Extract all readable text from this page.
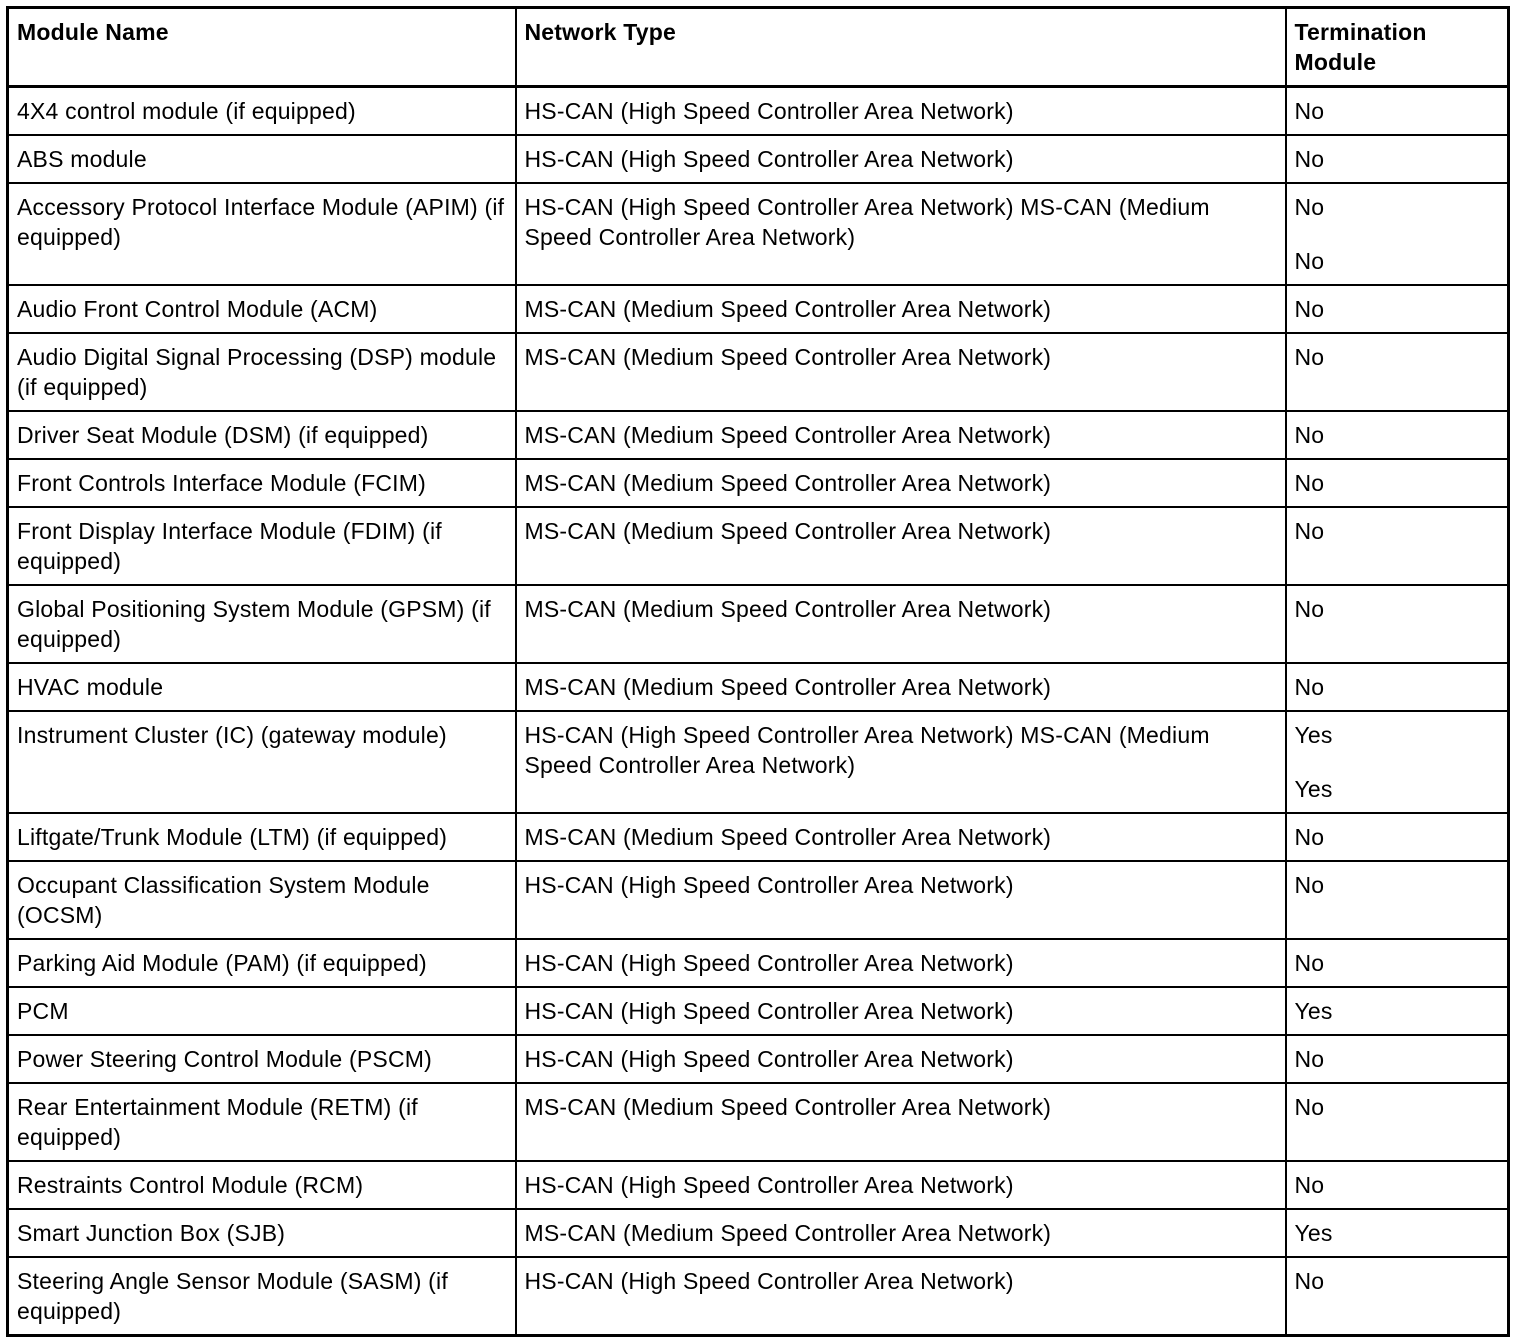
Module Name	Network Type	Termination Module
4X4 control module (if equipped)	HS-CAN (High Speed Controller Area Network)	No

ABS module	HS-CAN (High Speed Controller Area Network)	No

Accessory Protocol Interface Module (APIM) (if equipped)	HS-CAN (High Speed Controller Area Network) MS-CAN (Medium Speed Controller Area Network)	No
No

Audio Front Control Module (ACM)	MS-CAN (Medium Speed Controller Area Network)	No

Audio Digital Signal Processing (DSP) module (if equipped)	MS-CAN (Medium Speed Controller Area Network)	No

Driver Seat Module (DSM) (if equipped)	MS-CAN (Medium Speed Controller Area Network)	No

Front Controls Interface Module (FCIM)	MS-CAN (Medium Speed Controller Area Network)	No

Front Display Interface Module (FDIM) (if equipped)	MS-CAN (Medium Speed Controller Area Network)	No

Global Positioning System Module (GPSM) (if equipped)	MS-CAN (Medium Speed Controller Area Network)	No

HVAC module	MS-CAN (Medium Speed Controller Area Network)	No

Instrument Cluster (IC) (gateway module)	HS-CAN (High Speed Controller Area Network) MS-CAN (Medium Speed Controller Area Network)	Yes
Yes

Liftgate/Trunk Module (LTM) (if equipped)	MS-CAN (Medium Speed Controller Area Network)	No

Occupant Classification System Module (OCSM)	HS-CAN (High Speed Controller Area Network)	No

Parking Aid Module (PAM) (if equipped)	HS-CAN (High Speed Controller Area Network)	No

PCM	HS-CAN (High Speed Controller Area Network)	Yes

Power Steering Control Module (PSCM)	HS-CAN (High Speed Controller Area Network)	No

Rear Entertainment Module (RETM) (if equipped)	MS-CAN (Medium Speed Controller Area Network)	No

Restraints Control Module (RCM)	HS-CAN (High Speed Controller Area Network)	No

Smart Junction Box (SJB)	MS-CAN (Medium Speed Controller Area Network)	Yes

Steering Angle Sensor Module (SASM) (if equipped)	HS-CAN (High Speed Controller Area Network)	No
